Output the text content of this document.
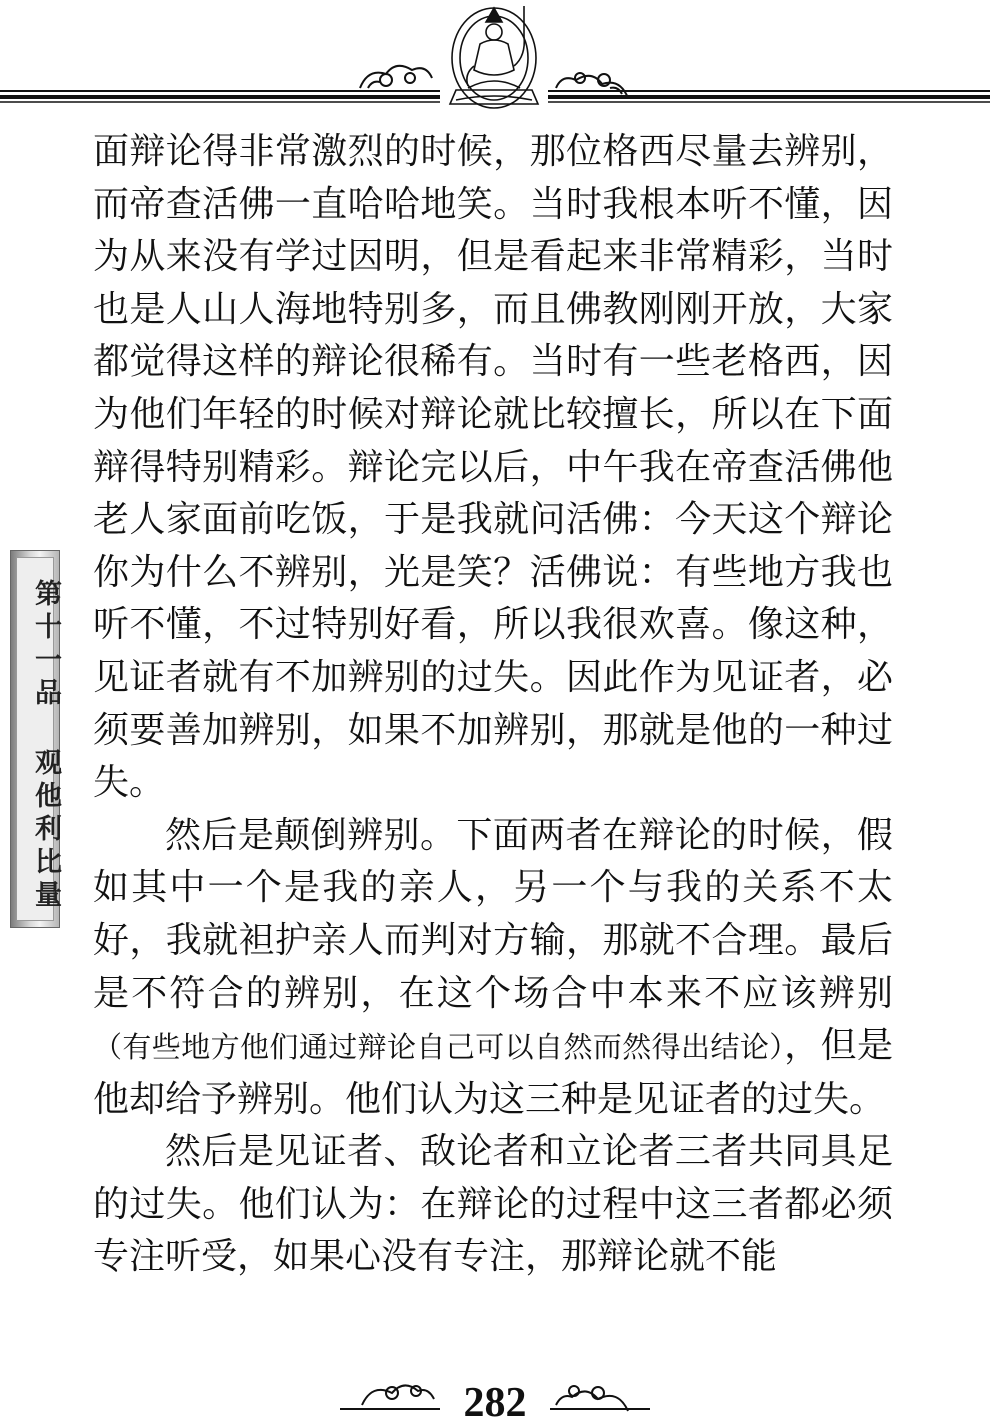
第十一品 观他利比量

面辩论得非常激烈的时候，那位格西尽量去辨别，而帝查活佛一直哈哈地笑。当时我根本听不懂，因为从来没有学过因明，但是看起来非常精彩，当时也是人山人海地特别多，而且佛教刚刚开放，大家都觉得这样的辩论很稀有。当时有一些老格西，因为他们年轻的时候对辩论就比较擅长，所以在下面辩得特别精彩。辩论完以后，中午我在帝查活佛他老人家面前吃饭，于是我就问活佛：今天这个辩论你为什么不辨别，光是笑？活佛说：有些地方我也听不懂，不过特别好看，所以我很欢喜。像这种，见证者就有不加辨别的过失。因此作为见证者，必须要善加辨别，如果不加辨别，那就是他的一种过失。

然后是颠倒辨别。下面两者在辩论的时候，假如其中一个是我的亲人，另一个与我的关系不太好，我就袒护亲人而判对方输，那就不合理。最后是不符合的辨别，在这个场合中本来不应该辨别（有些地方他们通过辩论自己可以自然而然得出结论），但是他却给予辨别。他们认为这三种是见证者的过失。

然后是见证者、敌论者和立论者三者共同具足的过失。他们认为：在辩论的过程中这三者都必须专注听受，如果心没有专注，那辩论就不能

282
